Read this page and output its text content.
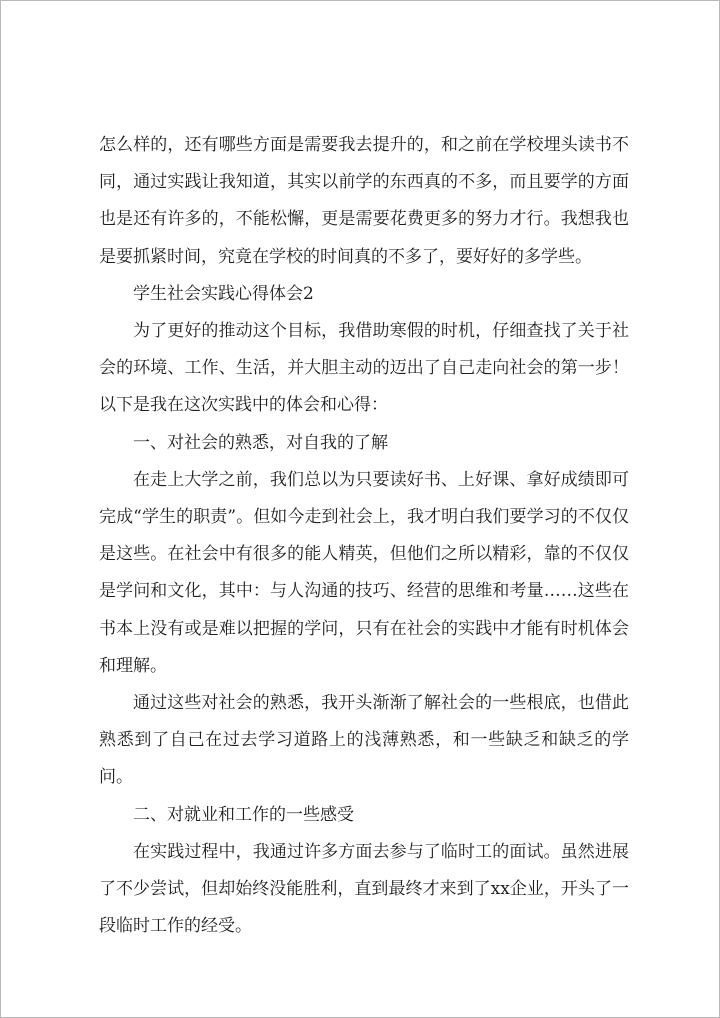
怎么样的，还有哪些方面是需要我去提升的，和之前在学校埋头读书不同，通过实践让我知道，其实以前学的东西真的不多，而且要学的方面也是还有许多的，不能松懈，更是需要花费更多的努力才行。我想我也是要抓紧时间，究竟在学校的时间真的不多了，要好好的多学些。

学生社会实践心得体会2

为了更好的推动这个目标，我借助寒假的时机，仔细查找了关于社会的环境、工作、生活，并大胆主动的迈出了自己走向社会的第一步！以下是我在这次实践中的体会和心得：

一、对社会的熟悉，对自我的了解

在走上大学之前，我们总以为只要读好书、上好课、拿好成绩即可完成“学生的职责”。但如今走到社会上，我才明白我们要学习的不仅仅是这些。在社会中有很多的能人精英，但他们之所以精彩，靠的不仅仅是学问和文化，其中：与人沟通的技巧、经营的思维和考量……这些在书本上没有或是难以把握的学问，只有在社会的实践中才能有时机体会和理解。

通过这些对社会的熟悉，我开头渐渐了解社会的一些根底，也借此熟悉到了自己在过去学习道路上的浅薄熟悉，和一些缺乏和缺乏的学问。

二、对就业和工作的一些感受

在实践过程中，我通过许多方面去参与了临时工的面试。虽然进展了不少尝试，但却始终没能胜利，直到最终才来到了xx企业，开头了一段临时工作的经受。
